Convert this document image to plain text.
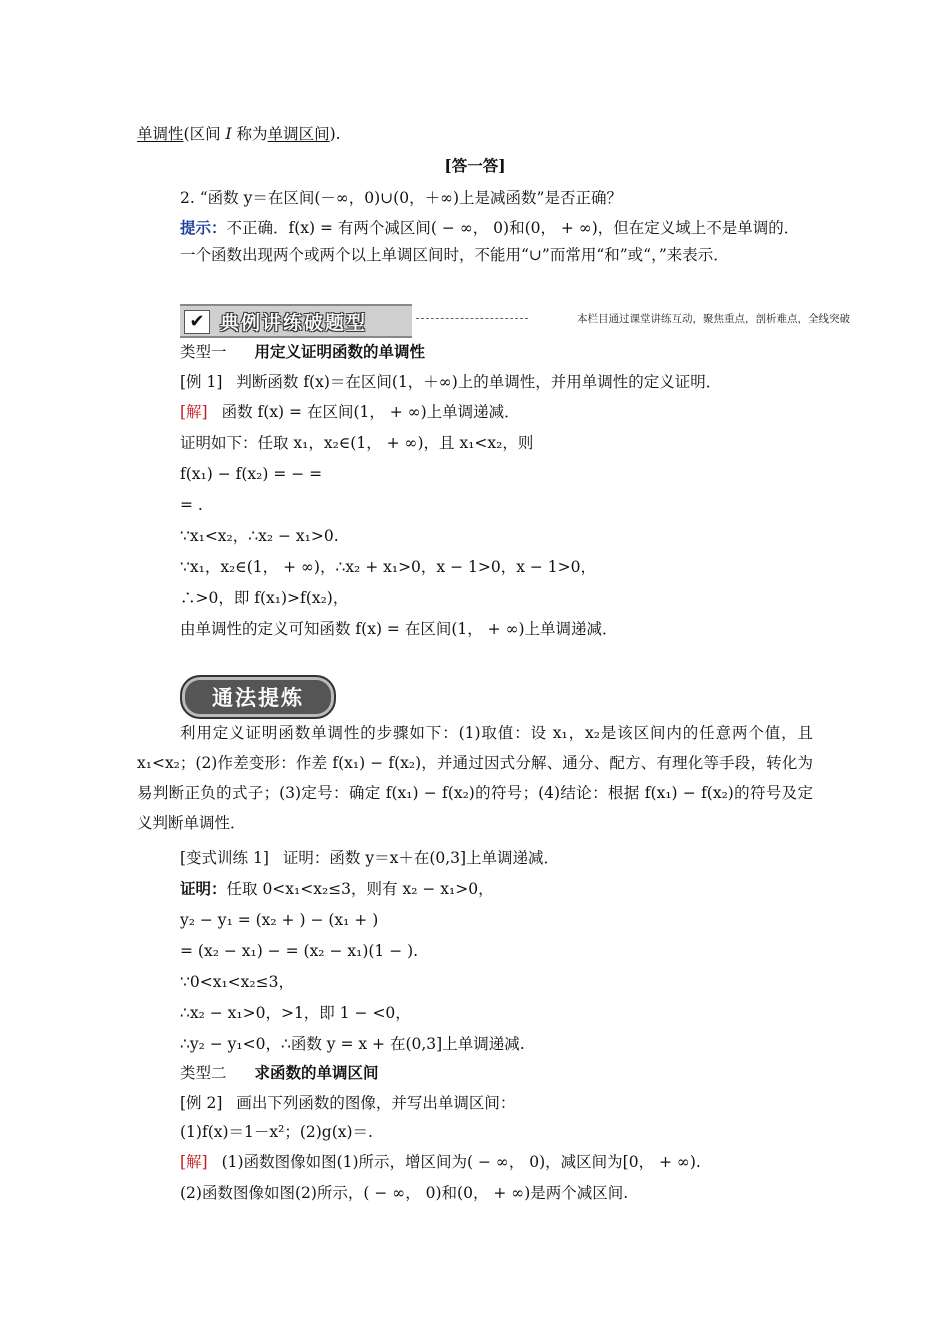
单调性(区间 I 称为单调区间).
[答一答]
2. “函数 y＝在区间(－∞，0)∪(0，＋∞)上是减函数”是否正确？
提示：不正确．f(x) = 有两个减区间( − ∞， 0)和(0， + ∞)，但在定义域上不是单调的．
一个函数出现两个或两个以上单调区间时，不能用“∪”而常用“和”或“，”来表示．
✔ 典例讲练破题型	本栏目通过课堂讲练互动，聚焦重点，剖析难点，全线突破
类型一 用定义证明函数的单调性
[例 1] 判断函数 f(x)＝在区间(1，＋∞)上的单调性，并用单调性的定义证明．
[解] 函数 f(x) = 在区间(1， + ∞)上单调递减．
证明如下：任取 x₁，x₂∈(1， + ∞)，且 x₁<x₂，则
f(x₁) − f(x₂) = − =
= .
∵x₁<x₂，∴x₂ − x₁>0.
∵x₁，x₂∈(1， + ∞)，∴x₂ + x₁>0，x − 1>0，x − 1>0，
∴>0，即 f(x₁)>f(x₂)，
由单调性的定义可知函数 f(x) = 在区间(1， + ∞)上单调递减．
通法提炼
利用定义证明函数单调性的步骤如下：(1)取值：设 x₁，x₂是该区间内的任意两个值，且 x₁<x₂；(2)作差变形：作差 f(x₁) − f(x₂)，并通过因式分解、通分、配方、有理化等手段，转化为易判断正负的式子；(3)定号：确定 f(x₁) − f(x₂)的符号；(4)结论：根据 f(x₁) − f(x₂)的符号及定义判断单调性．
[变式训练 1] 证明：函数 y＝x＋在(0,3]上单调递减．
证明：任取 0<x₁<x₂≤3，则有 x₂ − x₁>0，
y₂ − y₁ = (x₂ + ) − (x₁ + )
= (x₂ − x₁) − = (x₂ − x₁)(1 − ).
∵0<x₁<x₂≤3，
∴x₂ − x₁>0，>1，即 1 − <0，
∴y₂ − y₁<0，∴函数 y = x + 在(0,3]上单调递减.
类型二 求函数的单调区间
[例 2] 画出下列函数的图像，并写出单调区间：
(1)f(x)＝1－x²；(2)g(x)＝.
[解] (1)函数图像如图(1)所示，增区间为( − ∞， 0)，减区间为[0， + ∞).
(2)函数图像如图(2)所示，( − ∞， 0)和(0， + ∞)是两个减区间.
